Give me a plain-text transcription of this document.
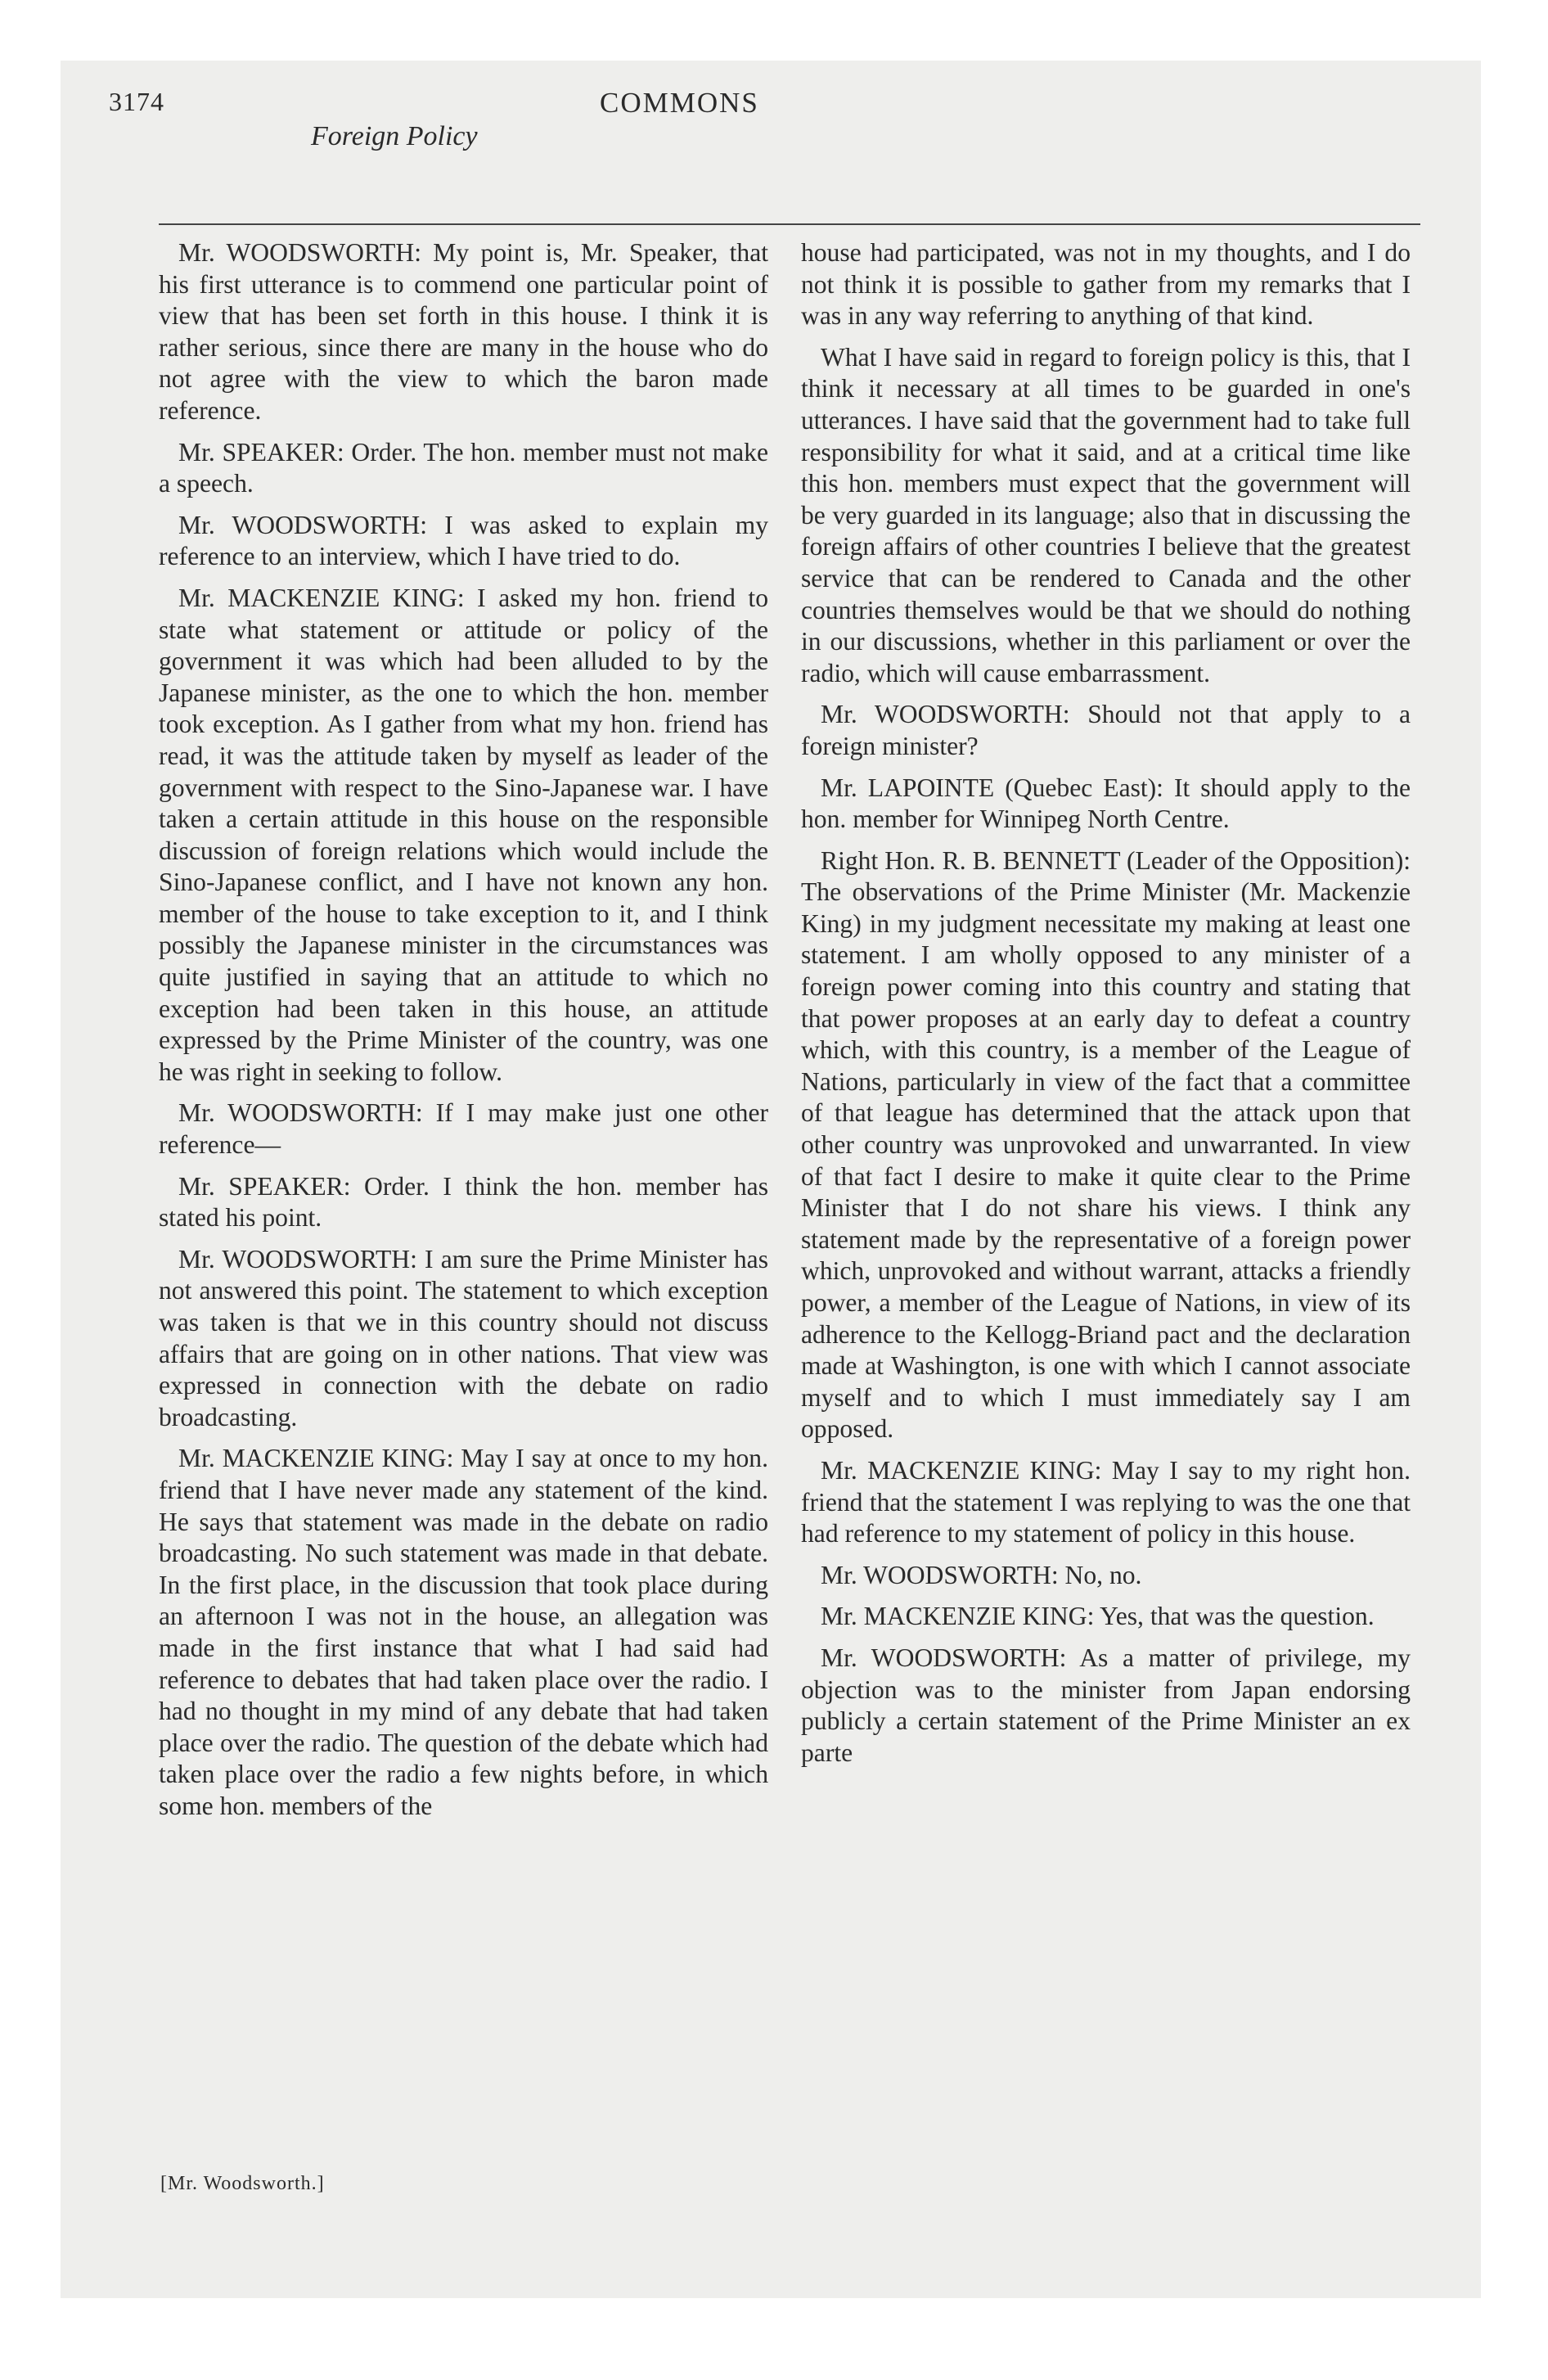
3174	COMMONS
Foreign Policy

Mr. WOODSWORTH: My point is, Mr. Speaker, that his first utterance is to commend one particular point of view that has been set forth in this house. I think it is rather serious, since there are many in the house who do not agree with the view to which the baron made reference.

Mr. SPEAKER: Order. The hon. member must not make a speech.

Mr. WOODSWORTH: I was asked to explain my reference to an interview, which I have tried to do.

Mr. MACKENZIE KING: I asked my hon. friend to state what statement or attitude or policy of the government it was which had been alluded to by the Japanese minister, as the one to which the hon. member took exception. As I gather from what my hon. friend has read, it was the attitude taken by myself as leader of the government with respect to the Sino-Japanese war. I have taken a certain attitude in this house on the responsible discussion of foreign relations which would include the Sino-Japanese conflict, and I have not known any hon. member of the house to take exception to it, and I think possibly the Japanese minister in the circumstances was quite justified in saying that an attitude to which no exception had been taken in this house, an attitude expressed by the Prime Minister of the country, was one he was right in seeking to follow.

Mr. WOODSWORTH: If I may make just one other reference—

Mr. SPEAKER: Order. I think the hon. member has stated his point.

Mr. WOODSWORTH: I am sure the Prime Minister has not answered this point. The statement to which exception was taken is that we in this country should not discuss affairs that are going on in other nations. That view was expressed in connection with the debate on radio broadcasting.

Mr. MACKENZIE KING: May I say at once to my hon. friend that I have never made any statement of the kind. He says that statement was made in the debate on radio broadcasting. No such statement was made in that debate. In the first place, in the discussion that took place during an afternoon I was not in the house, an allegation was made in the first instance that what I had said had reference to debates that had taken place over the radio. I had no thought in my mind of any debate that had taken place over the radio. The question of the debate which had taken place over the radio a few nights before, in which some hon. members of the

house had participated, was not in my thoughts, and I do not think it is possible to gather from my remarks that I was in any way referring to anything of that kind.

What I have said in regard to foreign policy is this, that I think it necessary at all times to be guarded in one's utterances. I have said that the government had to take full responsibility for what it said, and at a critical time like this hon. members must expect that the government will be very guarded in its language; also that in discussing the foreign affairs of other countries I believe that the greatest service that can be rendered to Canada and the other countries themselves would be that we should do nothing in our discussions, whether in this parliament or over the radio, which will cause embarrassment.

Mr. WOODSWORTH: Should not that apply to a foreign minister?

Mr. LAPOINTE (Quebec East): It should apply to the hon. member for Winnipeg North Centre.

Right Hon. R. B. BENNETT (Leader of the Opposition): The observations of the Prime Minister (Mr. Mackenzie King) in my judgment necessitate my making at least one statement. I am wholly opposed to any minister of a foreign power coming into this country and stating that that power proposes at an early day to defeat a country which, with this country, is a member of the League of Nations, particularly in view of the fact that a committee of that league has determined that the attack upon that other country was unprovoked and unwarranted. In view of that fact I desire to make it quite clear to the Prime Minister that I do not share his views. I think any statement made by the representative of a foreign power which, unprovoked and without warrant, attacks a friendly power, a member of the League of Nations, in view of its adherence to the Kellogg-Briand pact and the declaration made at Washington, is one with which I cannot associate myself and to which I must immediately say I am opposed.

Mr. MACKENZIE KING: May I say to my right hon. friend that the statement I was replying to was the one that had reference to my statement of policy in this house.

Mr. WOODSWORTH: No, no.

Mr. MACKENZIE KING: Yes, that was the question.

Mr. WOODSWORTH: As a matter of privilege, my objection was to the minister from Japan endorsing publicly a certain statement of the Prime Minister an ex parte

[Mr. Woodsworth.]
